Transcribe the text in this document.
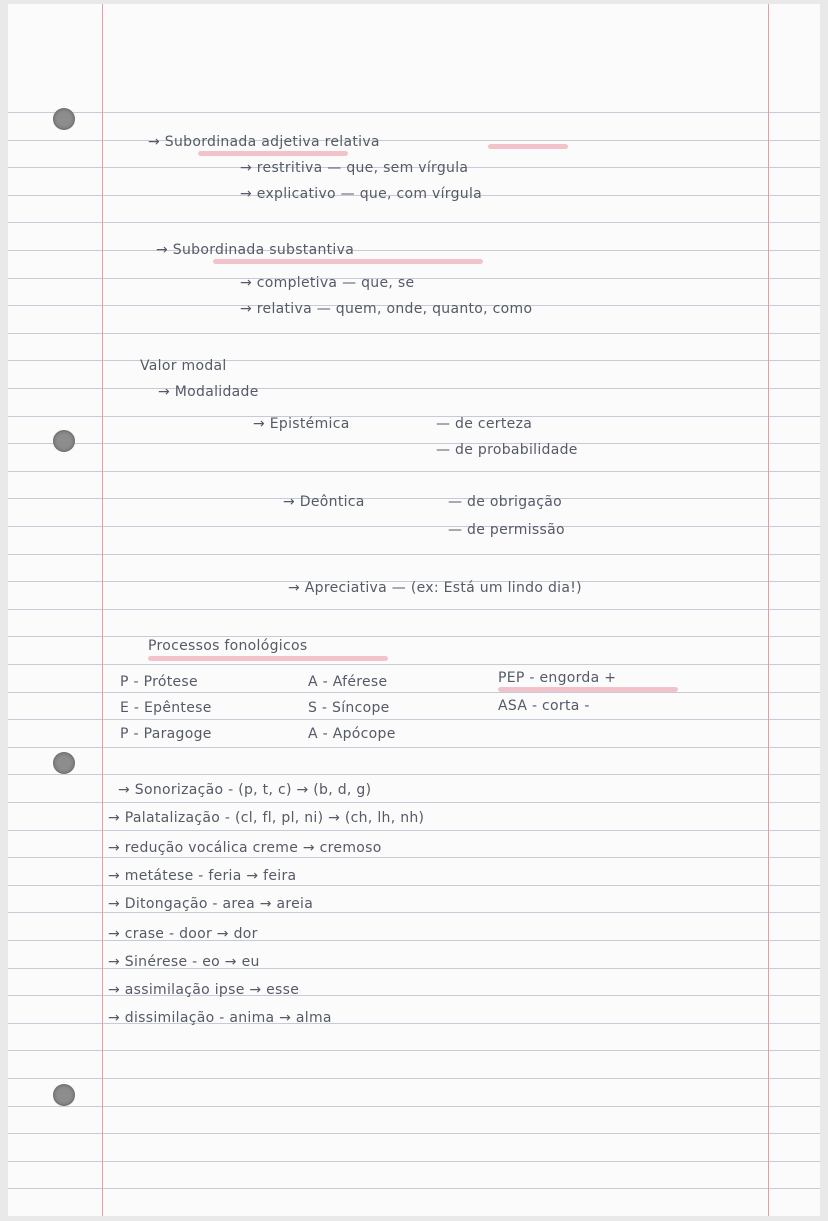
→ Subordinada adjetiva relativa
→ restritiva — que, sem vírgula
→ explicativo — que, com vírgula
→ Subordinada substantiva
→ completiva — que, se
→ relativa — quem, onde, quanto, como
Valor modal
→ Modalidade
→ Epistémica	— de certeza
— de probabilidade
→ Deôntica	— de obrigação
— de permissão
→ Apreciativa — (ex: Está um lindo dia!)
Processos fonológicos
P - Prótese
E - Epêntese
P - Paragoge
A - Aférese
S - Síncope
A - Apócope
PEP - engorda +
ASA - corta -
→ Sonorização - (p, t, c) → (b, d, g)
→ Palatalização - (cl, fl, pl, ni) → (ch, lh, nh)
→ redução vocálica creme → cremoso
→ metátese - feria → feira
→ Ditongação - area → areia
→ crase - door → dor
→ Sinérese - eo → eu
→ assimilação ipse → esse
→ dissimilação - anima → alma
